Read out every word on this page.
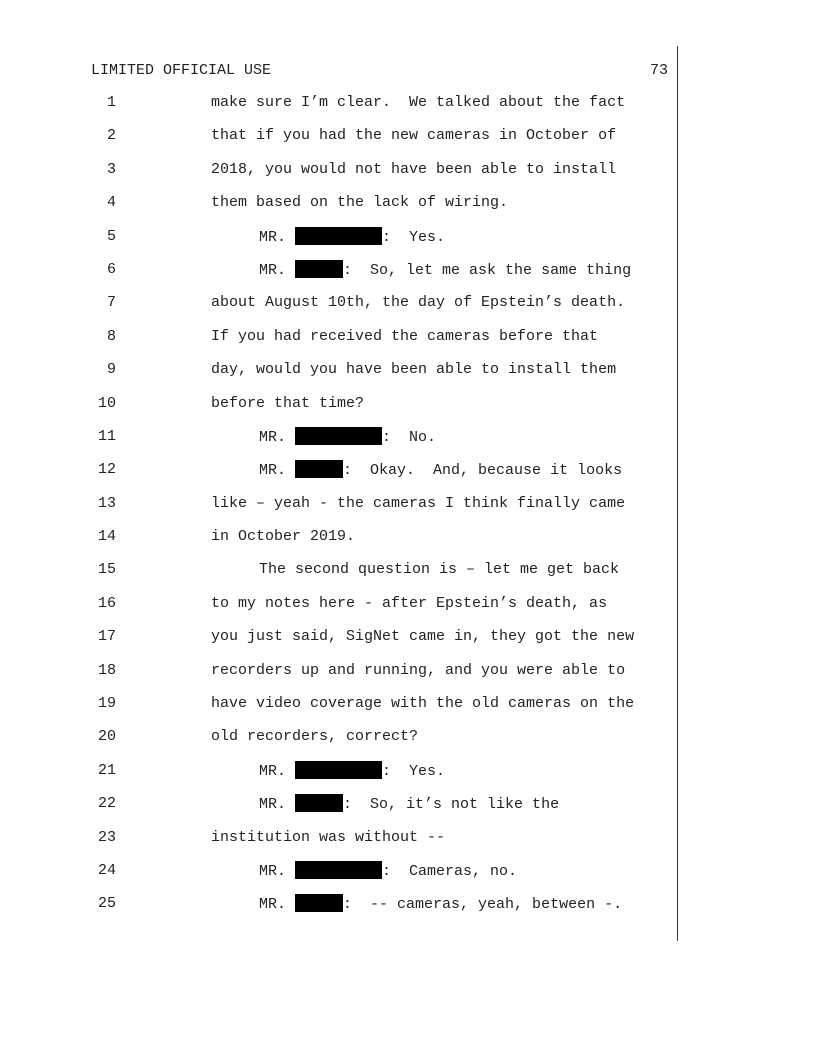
LIMITED OFFICIAL USE	73

1

	make sure I’m clear.  We talked about the fact

2

	that if you had the new cameras in October of

3

	2018, you would not have been able to install

4

	them based on the lack of wiring.

5

	MR.	:  Yes.

6

	MR.	:  So, let me ask the same thing

7

	about August 10th, the day of Epstein’s death.

8

	If you had received the cameras before that

9

	day, would you have been able to install them

10

	before that time?

11

	MR.	:  No.

12

	MR.	:  Okay.  And, because it looks

13

	like – yeah - the cameras I think finally came

14

	in October 2019.

15

	The second question is – let me get back

16

	to my notes here - after Epstein’s death, as

17

	you just said, SigNet came in, they got the new

18

	recorders up and running, and you were able to

19

	have video coverage with the old cameras on the

20

	old recorders, correct?

21

	MR.	:  Yes.

22

	MR.	:  So, it’s not like the

23

	institution was without --

24

	MR.	:  Cameras, no.

25

	MR.	:  -- cameras, yeah, between -.
